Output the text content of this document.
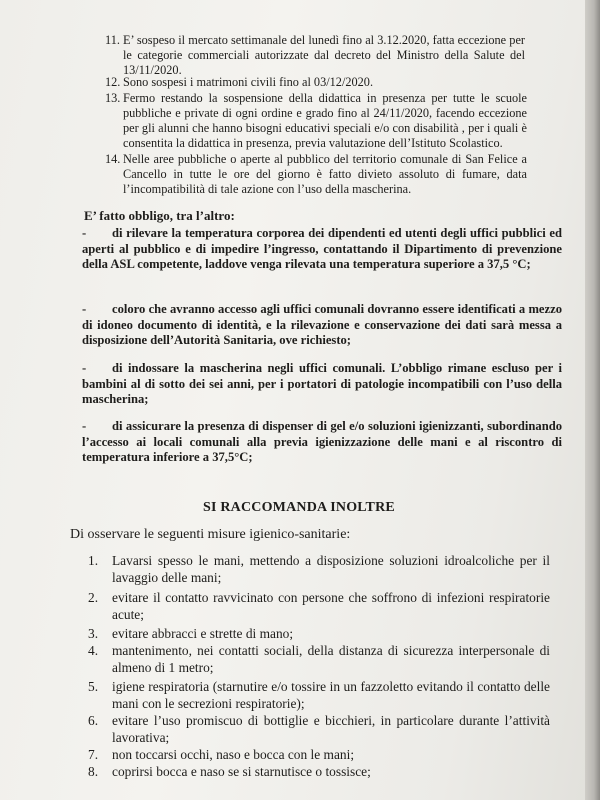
11. E’ sospeso il mercato settimanale del lunedì fino al 3.12.2020, fatta eccezione per le categorie commerciali autorizzate dal decreto del Ministro della Salute del 13/11/2020.
12. Sono sospesi i matrimoni civili fino al 03/12/2020.
13. Fermo restando la sospensione della didattica in presenza per tutte le scuole pubbliche e private di ogni ordine e grado fino al 24/11/2020, facendo eccezione per gli alunni che hanno bisogni educativi speciali e/o con disabilità , per i quali è consentita la didattica in presenza, previa valutazione dell’Istituto Scolastico.
14. Nelle aree pubbliche o aperte al pubblico del territorio comunale di San Felice a Cancello in tutte le ore del giorno è fatto divieto assoluto di fumare, data l’incompatibilità di tale azione con l’uso della mascherina.
E’ fatto obbligo, tra l’altro:
-	di rilevare la temperatura corporea dei dipendenti ed utenti degli uffici pubblici ed aperti al pubblico e di impedire l’ingresso, contattando il Dipartimento di prevenzione della ASL competente, laddove venga rilevata una temperatura superiore a 37,5 °C;
-	coloro che avranno accesso agli uffici comunali dovranno essere identificati a mezzo di idoneo documento di identità, e la rilevazione e conservazione dei dati sarà messa a disposizione dell’Autorità Sanitaria, ove richiesto;
-	di indossare la mascherina negli uffici comunali. L’obbligo rimane escluso per i bambini al di sotto dei sei anni, per i portatori di patologie incompatibili con l’uso della mascherina;
-	di assicurare la presenza di dispenser di gel e/o soluzioni igienizzanti, subordinando l’accesso ai locali comunali alla previa igienizzazione delle mani e al riscontro di temperatura inferiore a 37,5°C;
SI RACCOMANDA INOLTRE
Di osservare le seguenti misure igienico-sanitarie:
1. Lavarsi spesso le mani, mettendo a disposizione soluzioni idroalcoliche per il lavaggio delle mani;
2. evitare il contatto ravvicinato con persone che soffrono di infezioni respiratorie acute;
3. evitare abbracci e strette di mano;
4. mantenimento, nei contatti sociali, della distanza di sicurezza interpersonale di almeno di 1 metro;
5. igiene respiratoria (starnutire e/o tossire in un fazzoletto evitando il contatto delle mani con le secrezioni respiratorie);
6. evitare l’uso promiscuo di bottiglie e bicchieri, in particolare durante l’attività lavorativa;
7. non toccarsi occhi, naso e bocca con le mani;
8. coprirsi bocca e naso se si starnutisce o tossisce;
